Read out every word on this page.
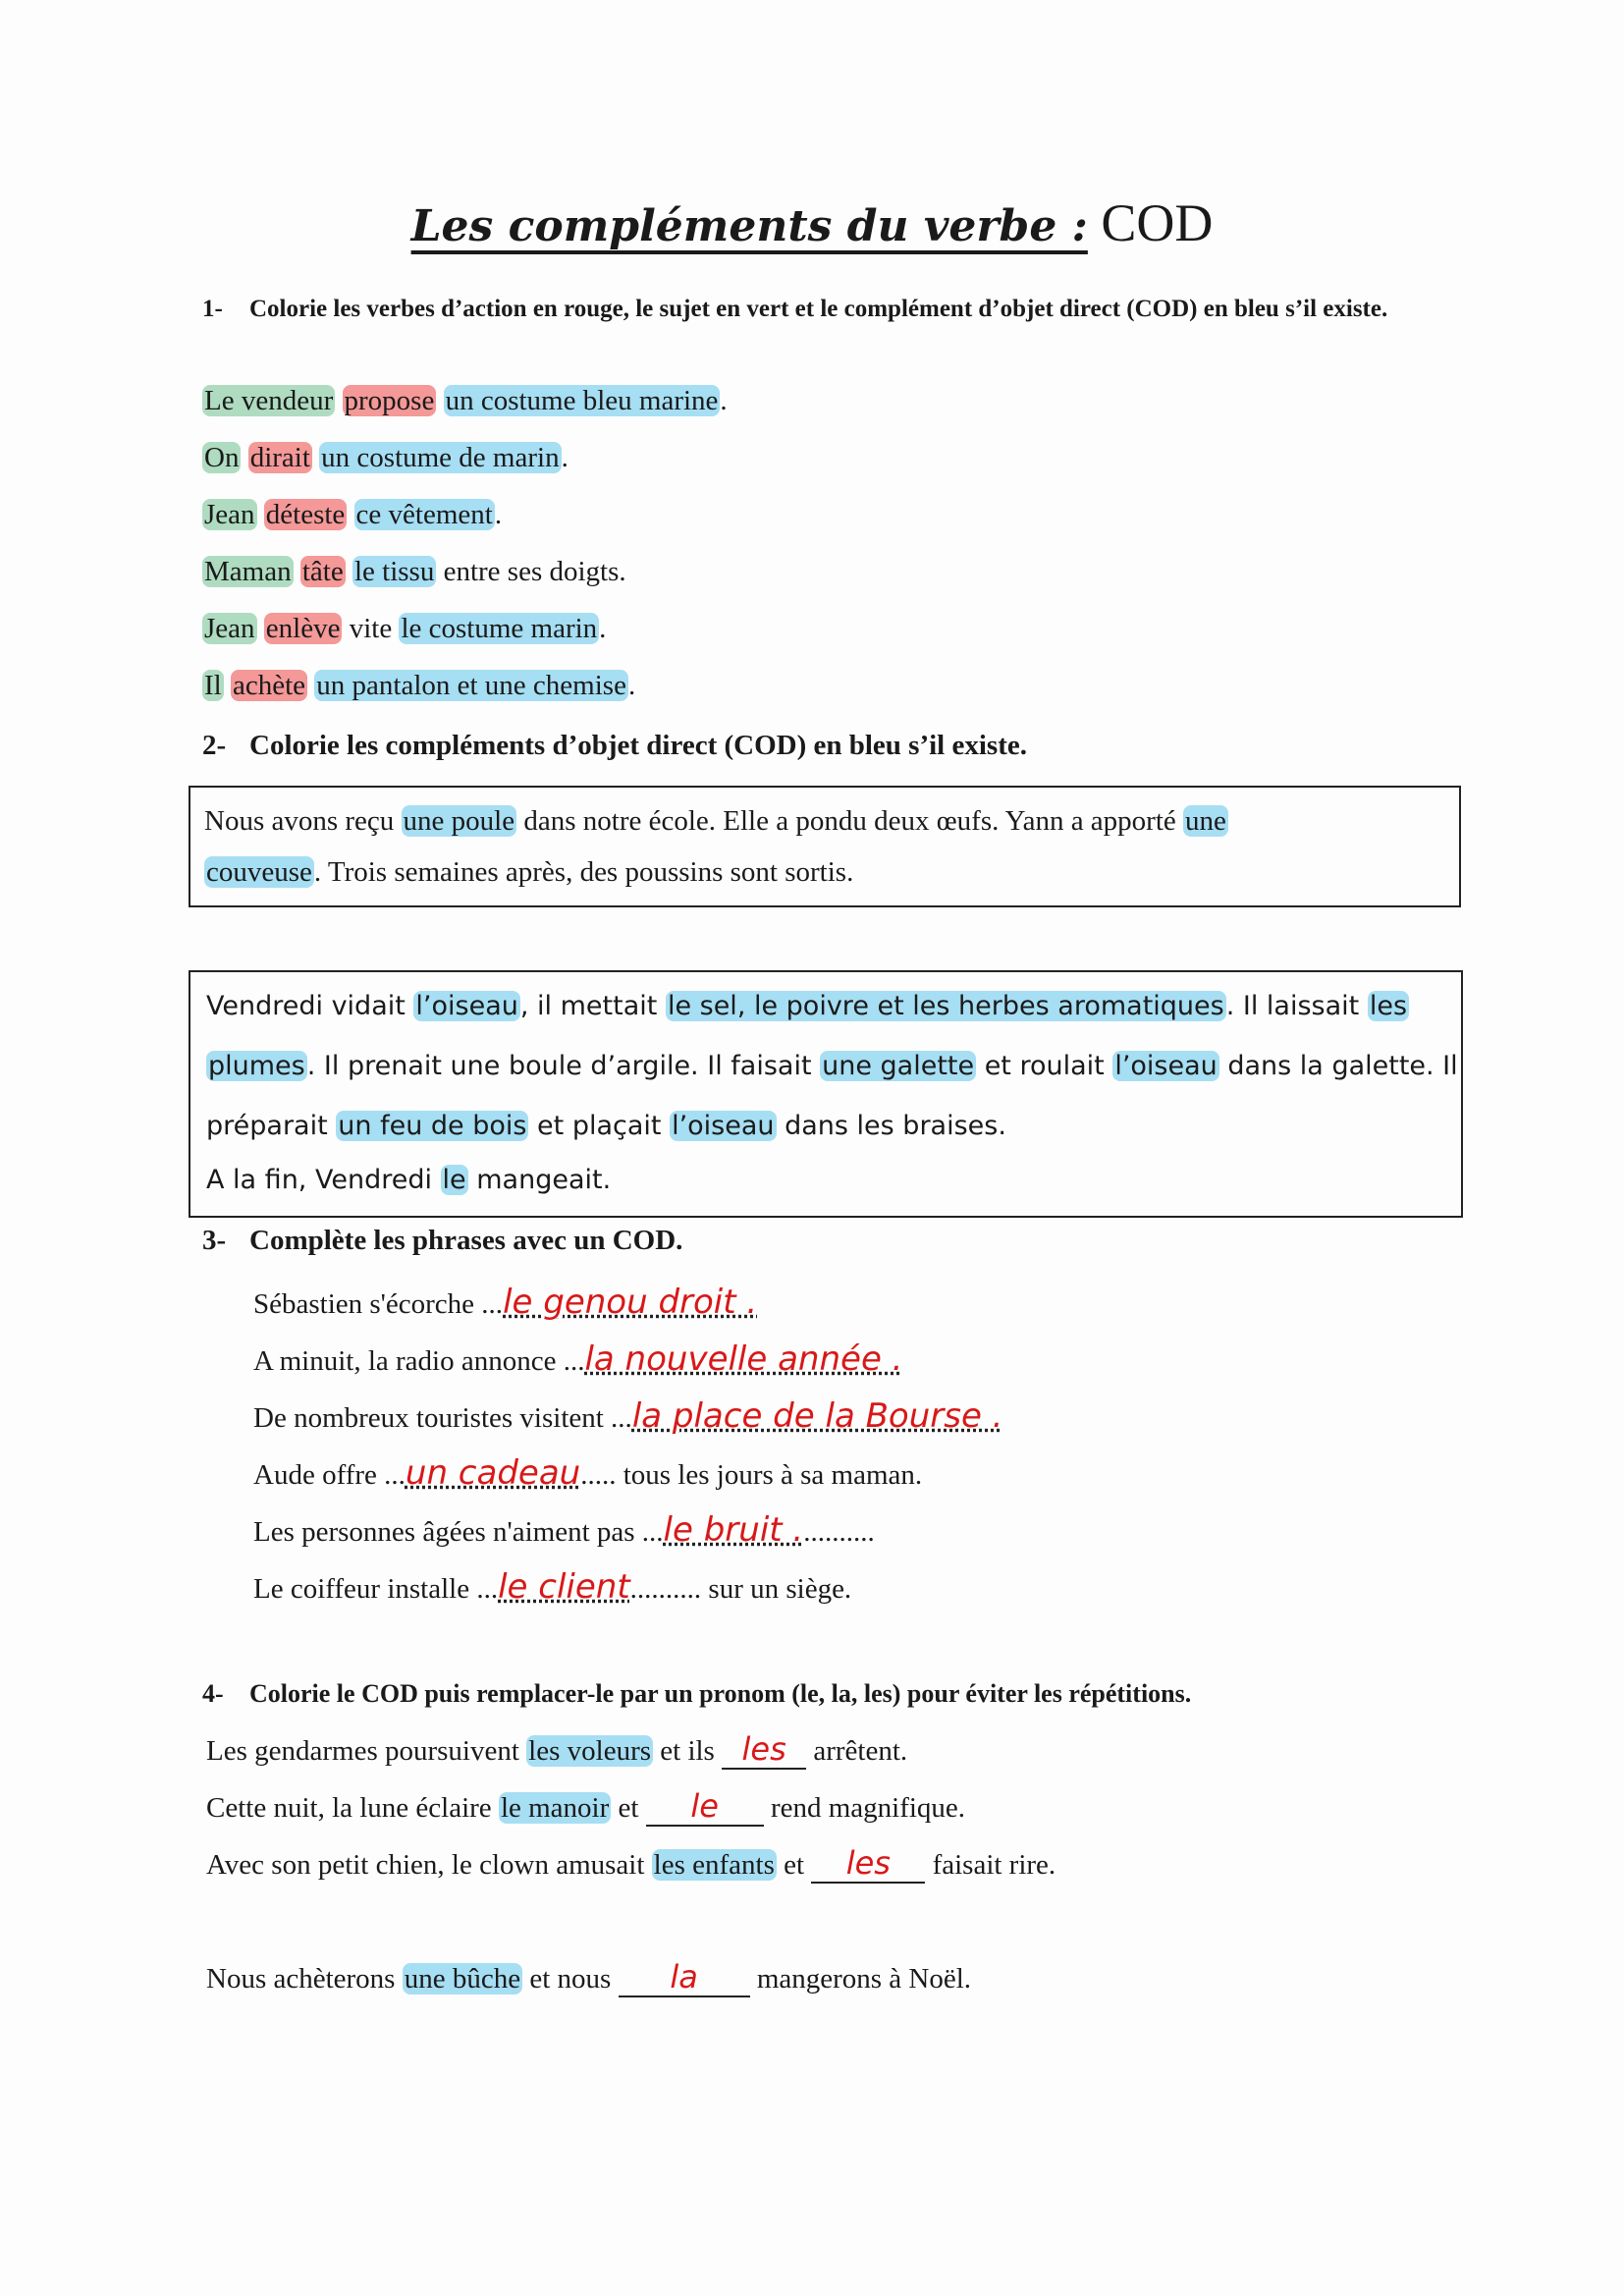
Les compléments du verbe : COD
1- Colorie les verbes d’action en rouge, le sujet en vert et le complément d’objet direct (COD) en bleu s’il existe.
Le vendeur propose un costume bleu marine.
On dirait un costume de marin.
Jean déteste ce vêtement.
Maman tâte le tissu entre ses doigts.
Jean enlève vite le costume marin.
Il achète un pantalon et une chemise.
2- Colorie les compléments d’objet direct (COD) en bleu s’il existe.
Nous avons reçu une poule dans notre école. Elle a pondu deux œufs. Yann a apporté une
couveuse. Trois semaines après, des poussins sont sortis.
Vendredi vidait l’oiseau, il mettait le sel, le poivre et les herbes aromatiques. Il laissait les
plumes. Il prenait une boule d’argile. Il faisait une galette et roulait l’oiseau dans la galette. Il
préparait un feu de bois et plaçait l’oiseau dans les braises.
A la fin, Vendredi le mangeait.
3- Complète les phrases avec un COD.
Sébastien s'écorche ...le genou droit .
A minuit, la radio annonce ...la nouvelle année .
De nombreux touristes visitent ...la place de la Bourse .
Aude offre ...un cadeau..... tous les jours à sa maman.
Les personnes âgées n'aiment pas ...le bruit ...........
Le coiffeur installe ...le client.......... sur un siège.
4- Colorie le COD puis remplacer-le par un pronom (le, la, les) pour éviter les répétitions.
Les gendarmes poursuivent les voleurs et ils les arrêtent.
Cette nuit, la lune éclaire le manoir et le rend magnifique.
Avec son petit chien, le clown amusait les enfants et les faisait rire.
Nous achèterons une bûche et nous la mangerons à Noël.
